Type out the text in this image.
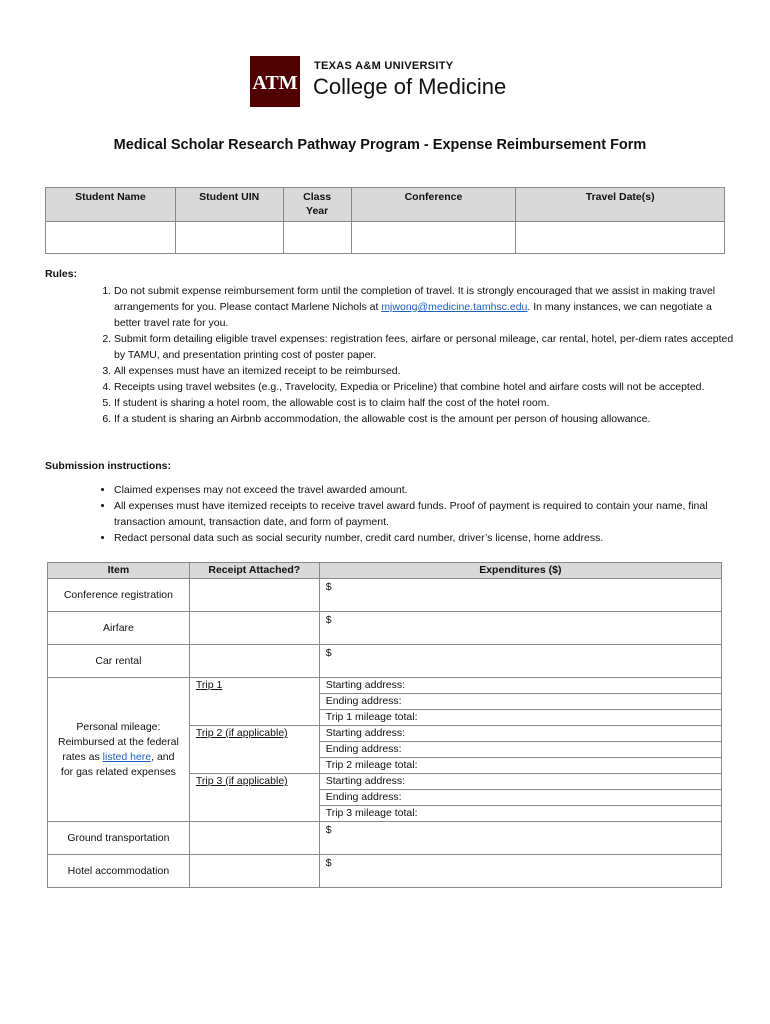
ATM
TEXAS A&M UNIVERSITY
College of Medicine
Medical Scholar Research Pathway Program - Expense Reimbursement Form
Student Name	Student UIN	Class Year	Conference	Travel Date(s)

Rules:
1. Do not submit expense reimbursement form until the completion of travel. It is strongly encouraged that we assist in making travel arrangements for you. Please contact Marlene Nichols at mjwong@medicine.tamhsc.edu. In many instances, we can negotiate a better travel rate for you.
2. Submit form detailing eligible travel expenses: registration fees, airfare or personal mileage, car rental, hotel, per-diem rates accepted by TAMU, and presentation printing cost of poster paper.
3. All expenses must have an itemized receipt to be reimbursed.
4. Receipts using travel websites (e.g., Travelocity, Expedia or Priceline) that combine hotel and airfare costs will not be accepted.
5. If student is sharing a hotel room, the allowable cost is to claim half the cost of the hotel room.
6. If a student is sharing an Airbnb accommodation, the allowable cost is the amount per person of housing allowance.
Submission instructions:
• Claimed expenses may not exceed the travel awarded amount.
• All expenses must have itemized receipts to receive travel award funds. Proof of payment is required to contain your name, final transaction amount, transaction date, and form of payment.
• Redact personal data such as social security number, credit card number, driver’s license, home address.
Item	Receipt Attached?	Expenditures ($)
Conference registration		$
Airfare		$
Car rental		$
Personal mileage: Reimbursed at the federal rates as listed here, and for gas related expenses	Trip 1	Starting address:
		Ending address:
		Trip 1 mileage total:
	Trip 2 (if applicable)	Starting address:
		Ending address:
		Trip 2 mileage total:
	Trip 3 (if applicable)	Starting address:
		Ending address:
		Trip 3 mileage total:
Ground transportation		$
Hotel accommodation		$
